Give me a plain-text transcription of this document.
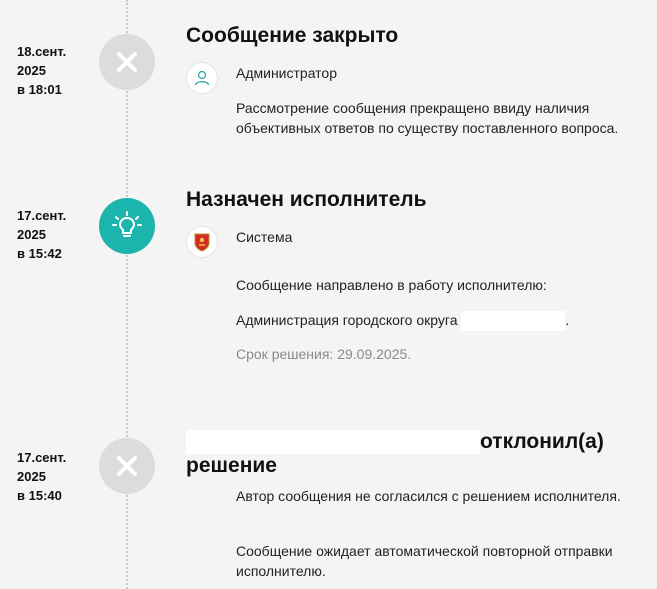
18.сент.
2025
в 18:01
Сообщение закрыто
Администратор
Рассмотрение сообщения прекращено ввиду наличия объективных ответов по существу поставленного вопроса.
17.сент.
2025
в 15:42
Назначен исполнитель
Система
Сообщение направлено в работу исполнителю:
Администрация городского округа	.
Срок решения: 29.09.2025.
17.сент.
2025
в 15:40
отклонил(а)
решение
Автор сообщения не согласился с решением исполнителя.
Сообщение ожидает автоматической повторной отправки исполнителю.
